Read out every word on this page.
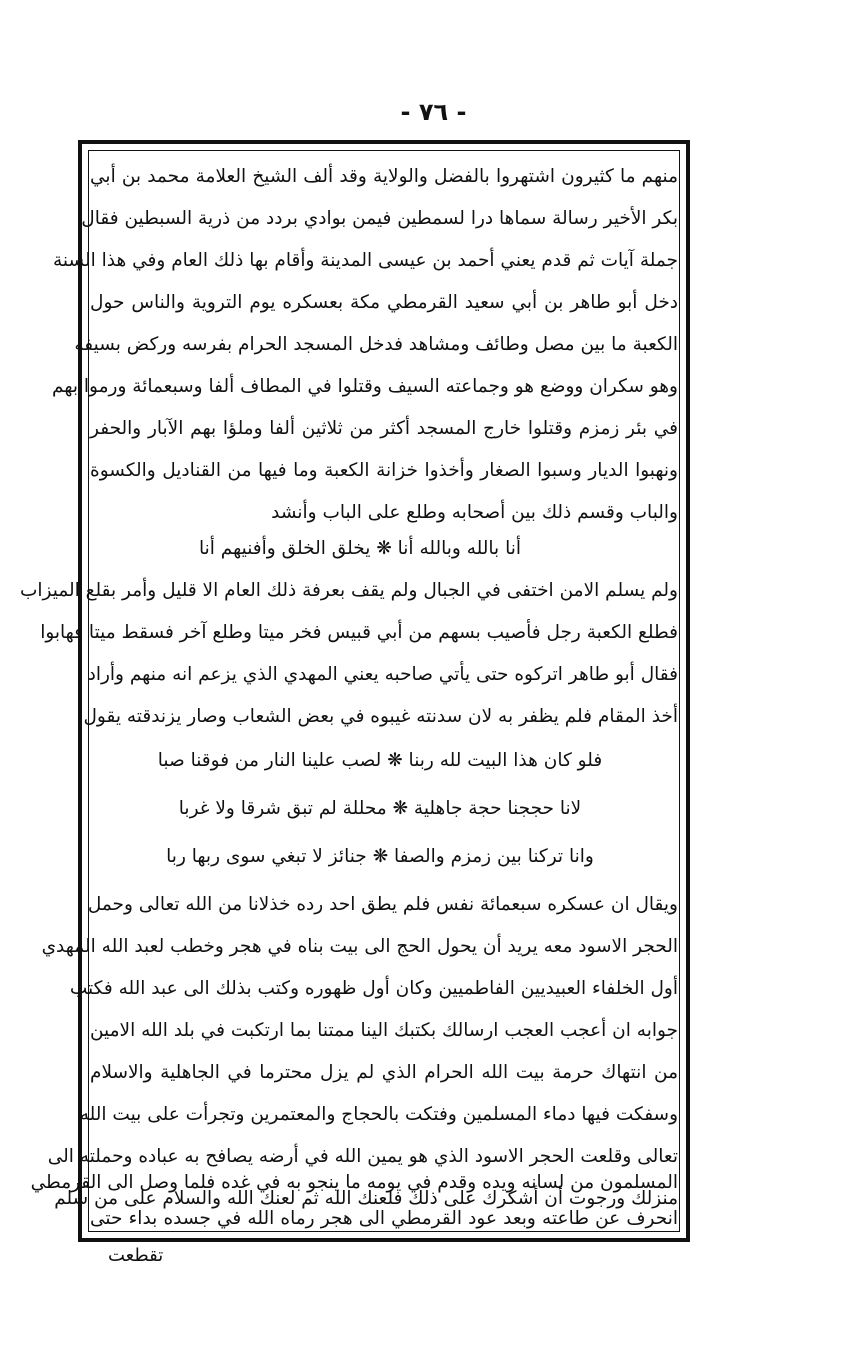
- ٧٦ -
منهم ما كثيرون اشتهروا بالفضل والولاية وقد ألف الشيخ العلامة محمد بن أبي
بكر الأخير رسالة سماها درا لسمطين فيمن بوادي بردد من ذرية السبطين فقال
جملة آيات ثم قدم يعني أحمد بن عيسى المدينة وأقام بها ذلك العام وفي هذا السنة
دخل أبو طاهر بن أبي سعيد القرمطي مكة بعسكره يوم التروية والناس حول
الكعبة ما بين مصل وطائف ومشاهد فدخل المسجد الحرام بفرسه وركض بسيفه
وهو سكران ووضع هو وجماعته السيف وقتلوا في المطاف ألفا وسبعمائة ورموا بهم
في بئر زمزم وقتلوا خارج المسجد أكثر من ثلاثين ألفا وملؤا بهم الآبار والحفر
ونهبوا الديار وسبوا الصغار وأخذوا خزانة الكعبة وما فيها من القناديل والكسوة
والباب وقسم ذلك بين أصحابه وطلع على الباب وأنشد
أنا بالله وبالله أنا ❋ يخلق الخلق وأفنيهم أنا
ولم يسلم الامن اختفى في الجبال ولم يقف بعرفة ذلك العام الا قليل وأمر بقلع الميزاب
فطلع الكعبة رجل فأصيب بسهم من أبي قبيس فخر ميتا وطلع آخر فسقط ميتا فهابوا
فقال أبو طاهر اتركوه حتى يأتي صاحبه يعني المهدي الذي يزعم انه منهم وأراد
أخذ المقام فلم يظفر به لان سدنته غيبوه في بعض الشعاب وصار يزندقته يقول
فلو كان هذا البيت لله ربنا ❋ لصب علينا النار من فوقنا صبا
لانا حججنا حجة جاهلية ❋ محللة لم تبق شرقا ولا غربا
وانا تركنا بين زمزم والصفا ❋ جنائز لا تبغي سوى ربها ربا
ويقال ان عسكره سبعمائة نفس فلم يطق احد رده خذلانا من الله تعالى وحمل
الحجر الاسود معه يريد أن يحول الحج الى بيت بناه في هجر وخطب لعبد الله المهدي
أول الخلفاء العبيديين الفاطميين وكان أول ظهوره وكتب بذلك الى عبد الله فكتب
جوابه ان أعجب العجب ارسالك بكتبك الينا ممتنا بما ارتكبت في بلد الله الامين
من انتهاك حرمة بيت الله الحرام الذي لم يزل محترما في الجاهلية والاسلام
وسفكت فيها دماء المسلمين وفتكت بالحجاج والمعتمرين وتجرأت على بيت الله
تعالى وقلعت الحجر الاسود الذي هو يمين الله في أرضه يصافح به عباده وحملته الى
منزلك ورجوت أن أشكرك على ذلك فلعنك الله ثم لعنك الله والسلام على من سلم
المسلمون من لسانه ويده وقدم في يومه ما ينجو به في غده فلما وصل الى القرمطي
انحرف عن طاعته وبعد عود القرمطي الى هجر رماه الله في جسده بداء حتى
تقطعت
